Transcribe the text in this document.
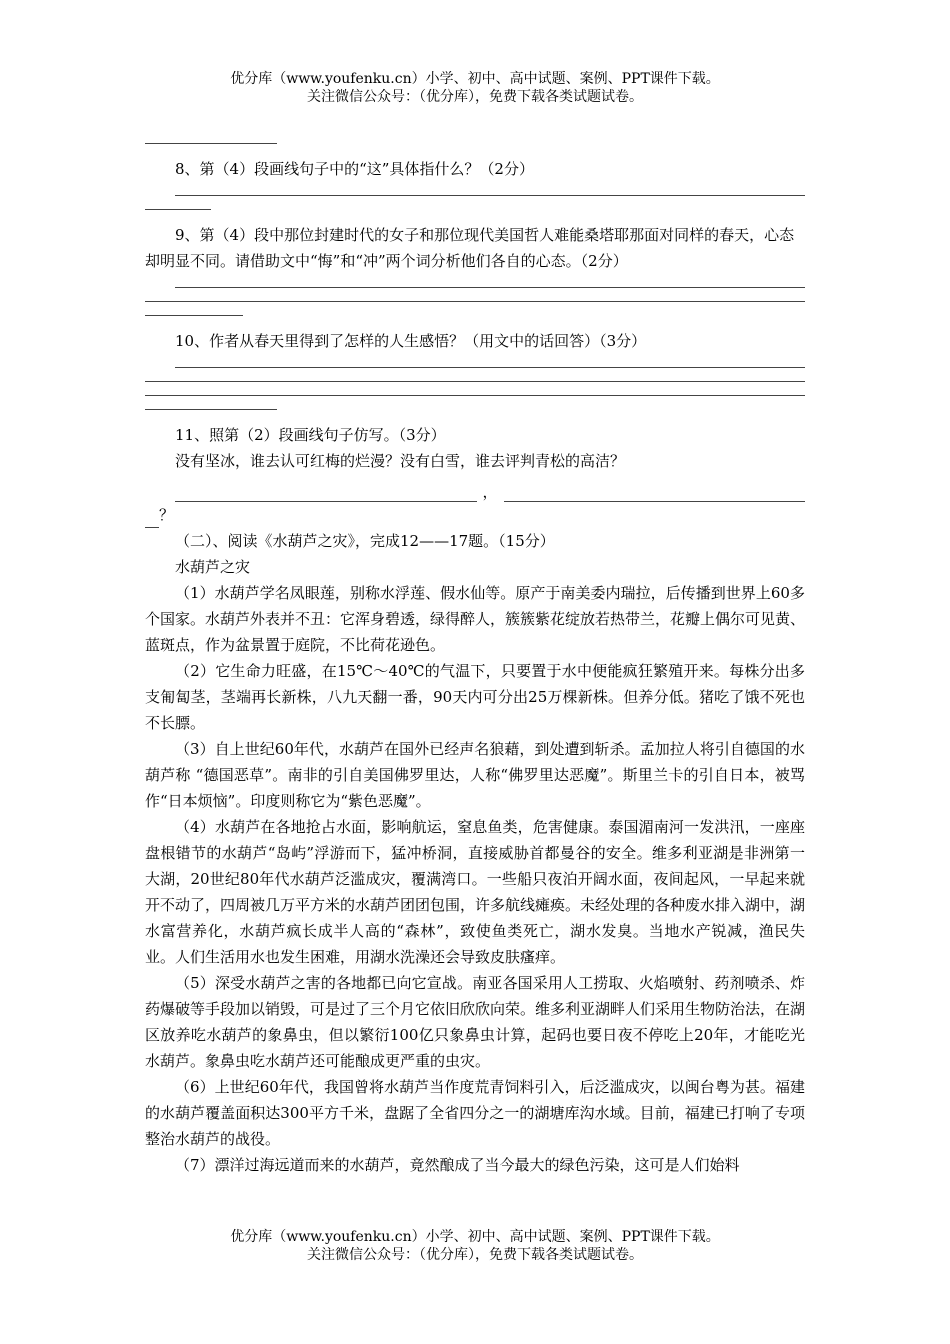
优分库（www.youfenku.cn）小学、初中、高中试题、案例、PPT课件下载。
关注微信公众号：（优分库），免费下载各类试题试卷。

8、第（4）段画线句子中的“这”具体指什么？（2分）

9、第（4）段中那位封建时代的女子和那位现代美国哲人难能桑塔耶那面对同样的春天，心态却明显不同。请借助文中“悔”和“冲”两个词分析他们各自的心态。（2分）

10、作者从春天里得到了怎样的人生感悟？（用文中的话回答）（3分）

11、照第（2）段画线句子仿写。（3分）

没有坚冰，谁去认可红梅的烂漫？没有白雪，谁去评判青松的高洁？

，
？

（二）、阅读《水葫芦之灾》，完成12——17题。（15分）

水葫芦之灾

（1）水葫芦学名凤眼莲，别称水浮莲、假水仙等。原产于南美委内瑞拉，后传播到世界上60多个国家。水葫芦外表并不丑：它浑身碧透，绿得醉人，簇簇紫花绽放若热带兰，花瓣上偶尔可见黄、蓝斑点，作为盆景置于庭院，不比荷花逊色。

（2）它生命力旺盛，在15℃～40℃的气温下，只要置于水中便能疯狂繁殖开来。每株分出多支匍匐茎，茎端再长新株，八九天翻一番，90天内可分出25万棵新株。但养分低。猪吃了饿不死也不长膘。

（3）自上世纪60年代，水葫芦在国外已经声名狼藉，到处遭到斩杀。孟加拉人将引自德国的水葫芦称 “德国恶草”。南非的引自美国佛罗里达，人称“佛罗里达恶魔”。斯里兰卡的引自日本，被骂作“日本烦恼”。印度则称它为“紫色恶魔”。

（4）水葫芦在各地抢占水面，影响航运，窒息鱼类，危害健康。泰国湄南河一发洪汛，一座座盘根错节的水葫芦“岛屿”浮游而下，猛冲桥洞，直接威胁首都曼谷的安全。维多利亚湖是非洲第一大湖，20世纪80年代水葫芦泛滥成灾，覆满湾口。一些船只夜泊开阔水面，夜间起风，一早起来就开不动了，四周被几万平方米的水葫芦团团包围，许多航线瘫痪。未经处理的各种废水排入湖中，湖水富营养化，水葫芦疯长成半人高的“森林”，致使鱼类死亡，湖水发臭。当地水产锐减，渔民失业。人们生活用水也发生困难，用湖水洗澡还会导致皮肤瘙痒。

（5）深受水葫芦之害的各地都已向它宣战。南亚各国采用人工捞取、火焰喷射、药剂喷杀、炸药爆破等手段加以销毁，可是过了三个月它依旧欣欣向荣。维多利亚湖畔人们采用生物防治法，在湖区放养吃水葫芦的象鼻虫，但以繁衍100亿只象鼻虫计算，起码也要日夜不停吃上20年，才能吃光水葫芦。象鼻虫吃水葫芦还可能酿成更严重的虫灾。

（6）上世纪60年代，我国曾将水葫芦当作度荒青饲料引入，后泛滥成灾，以闽台粤为甚。福建的水葫芦覆盖面积达300平方千米，盘踞了全省四分之一的湖塘库沟水域。目前，福建已打响了专项整治水葫芦的战役。

（7）漂洋过海远道而来的水葫芦，竟然酿成了当今最大的绿色污染，这可是人们始料

优分库（www.youfenku.cn）小学、初中、高中试题、案例、PPT课件下载。
关注微信公众号：（优分库），免费下载各类试题试卷。
